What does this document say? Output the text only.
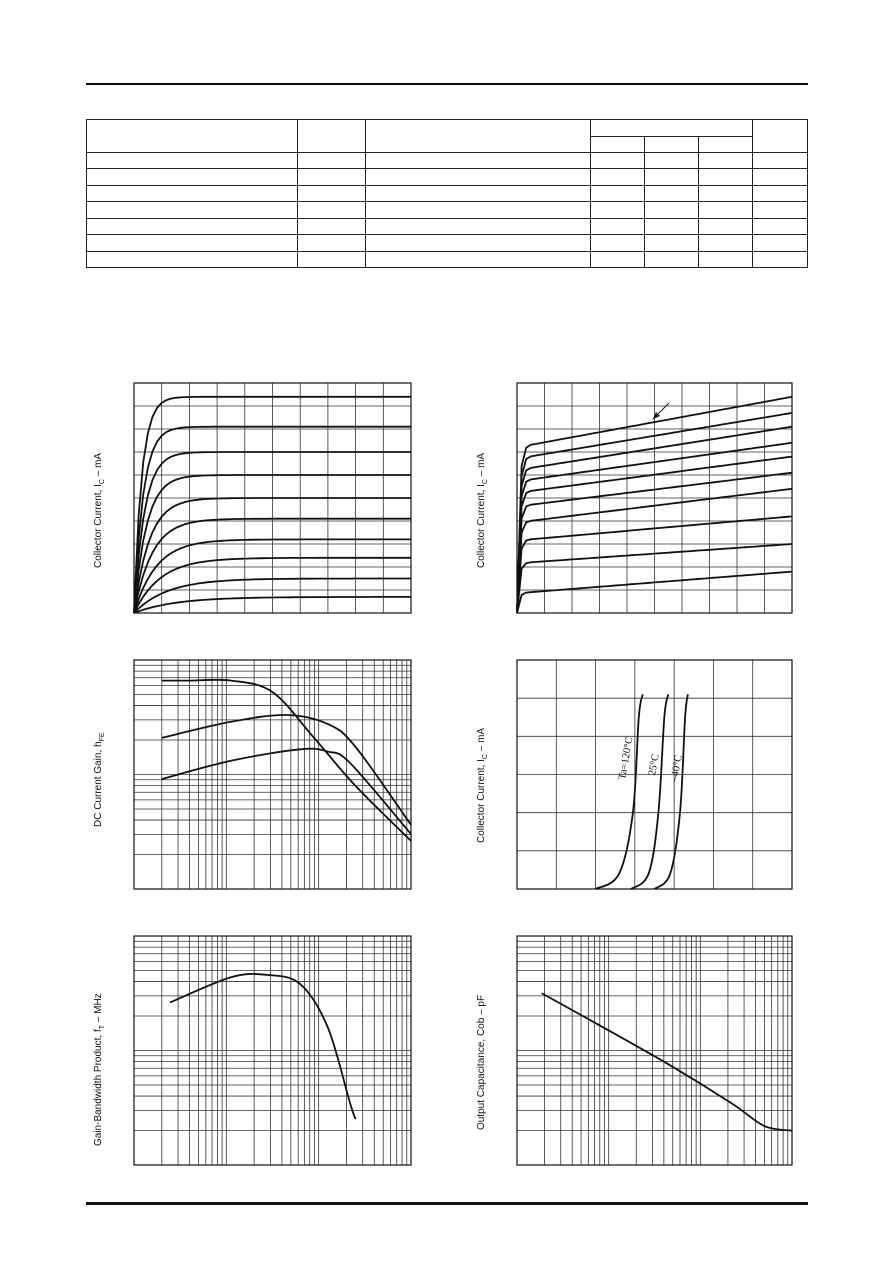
Collector Current, $I_C$ – mA
Collector Current, $I_C$ – mA
DC Current Gain, $h_{FE}$	Ta=120°C 25°C –40°C
Collector Current, $I_C$ – mA
Gain-Bandwidth Product, $f_T$ – MHz	Output Capacitance, Cob – pF
